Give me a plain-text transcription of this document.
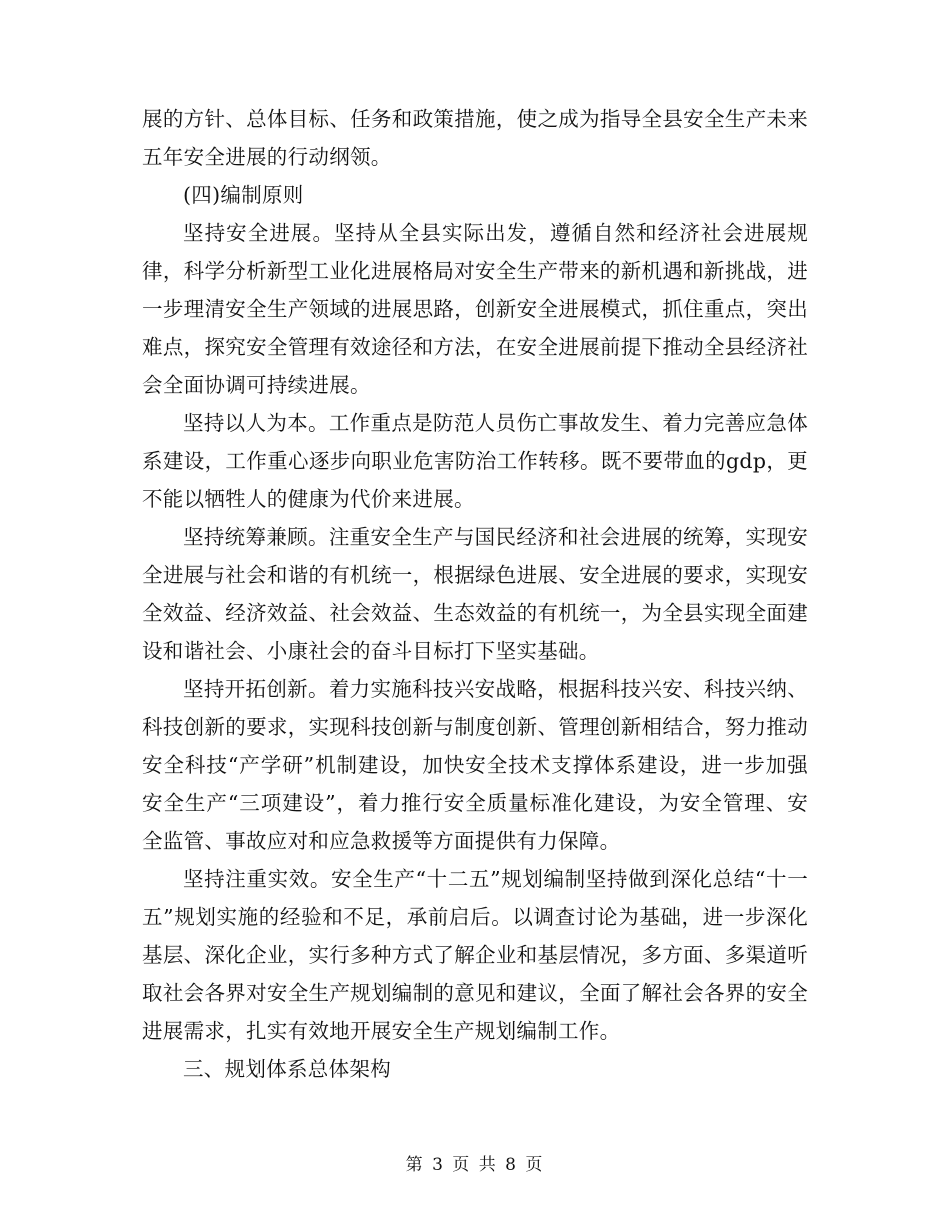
展的方针、总体目标、任务和政策措施，使之成为指导全县安全生产未来五年安全进展的行动纲领。

(四)编制原则

坚持安全进展。坚持从全县实际出发，遵循自然和经济社会进展规律，科学分析新型工业化进展格局对安全生产带来的新机遇和新挑战，进一步理清安全生产领域的进展思路，创新安全进展模式，抓住重点，突出难点，探究安全管理有效途径和方法，在安全进展前提下推动全县经济社会全面协调可持续进展。

坚持以人为本。工作重点是防范人员伤亡事故发生、着力完善应急体系建设，工作重心逐步向职业危害防治工作转移。既不要带血的gdp，更不能以牺牲人的健康为代价来进展。

坚持统筹兼顾。注重安全生产与国民经济和社会进展的统筹，实现安全进展与社会和谐的有机统一，根据绿色进展、安全进展的要求，实现安全效益、经济效益、社会效益、生态效益的有机统一，为全县实现全面建设和谐社会、小康社会的奋斗目标打下坚实基础。

坚持开拓创新。着力实施科技兴安战略，根据科技兴安、科技兴纳、科技创新的要求，实现科技创新与制度创新、管理创新相结合，努力推动安全科技“产学研”机制建设，加快安全技术支撑体系建设，进一步加强安全生产“三项建设”，着力推行安全质量标准化建设，为安全管理、安全监管、事故应对和应急救援等方面提供有力保障。

坚持注重实效。安全生产“十二五”规划编制坚持做到深化总结“十一五”规划实施的经验和不足，承前启后。以调查讨论为基础，进一步深化基层、深化企业，实行多种方式了解企业和基层情况，多方面、多渠道听取社会各界对安全生产规划编制的意见和建议，全面了解社会各界的安全进展需求，扎实有效地开展安全生产规划编制工作。

三、规划体系总体架构

第 3 页 共 8 页
